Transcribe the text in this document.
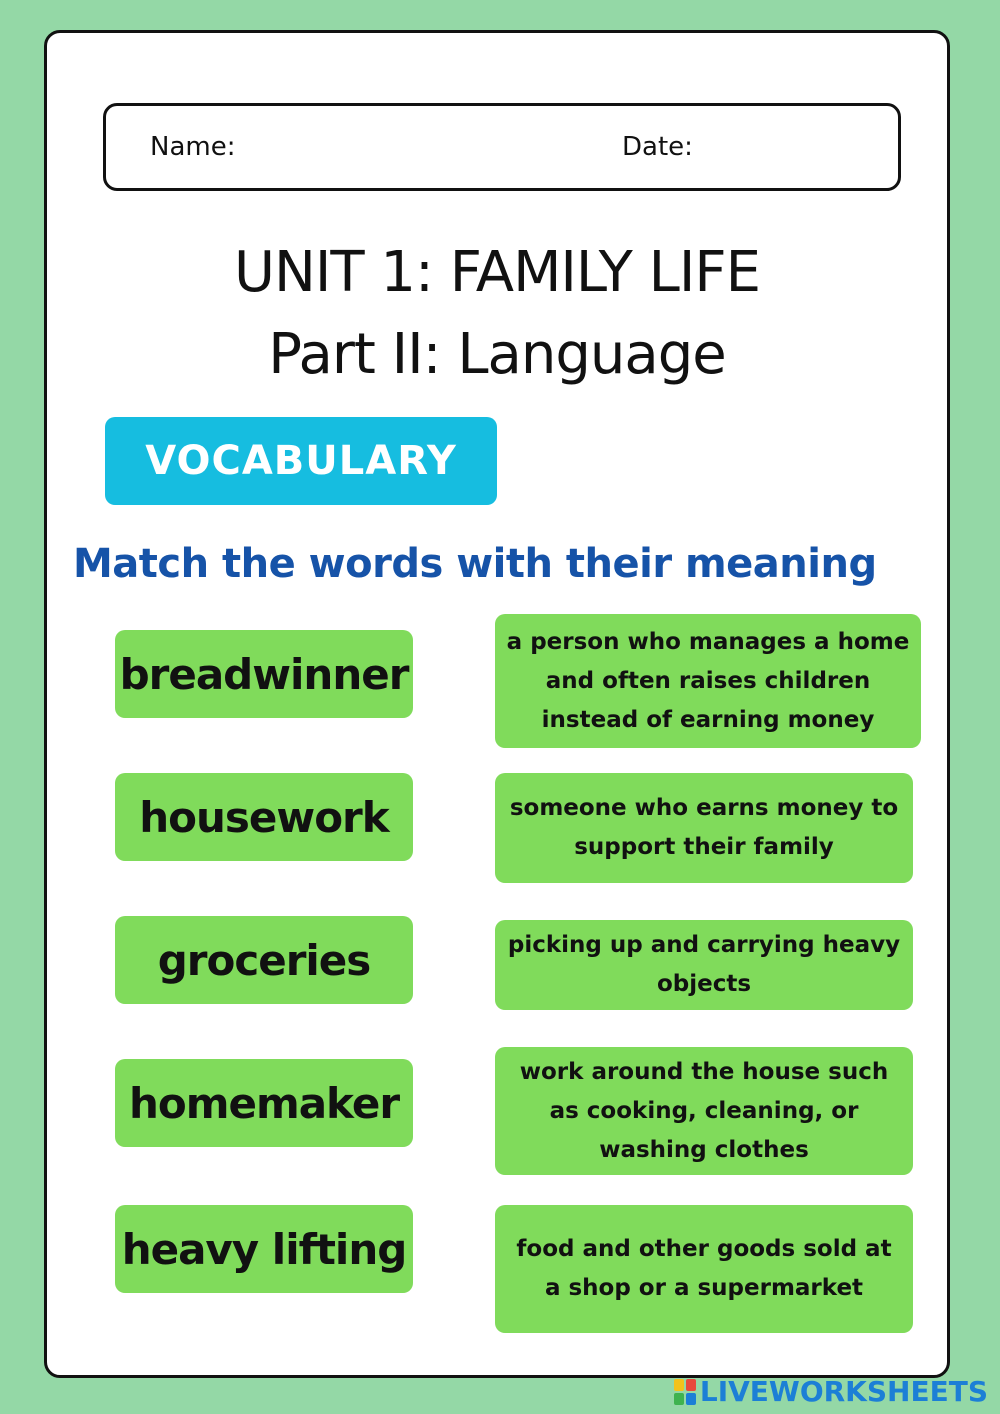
Name:	Date:
UNIT 1: FAMILY LIFE
Part II: Language
VOCABULARY
Match the words with their meaning
breadwinner
housework
groceries
homemaker
heavy lifting
a person who manages a home and often raises children instead of earning money
someone who earns money to support their family
picking up and carrying heavy objects
work around the house such as cooking, cleaning, or washing clothes
food and other goods sold at a shop or a supermarket
LIVEWORKSHEETS
